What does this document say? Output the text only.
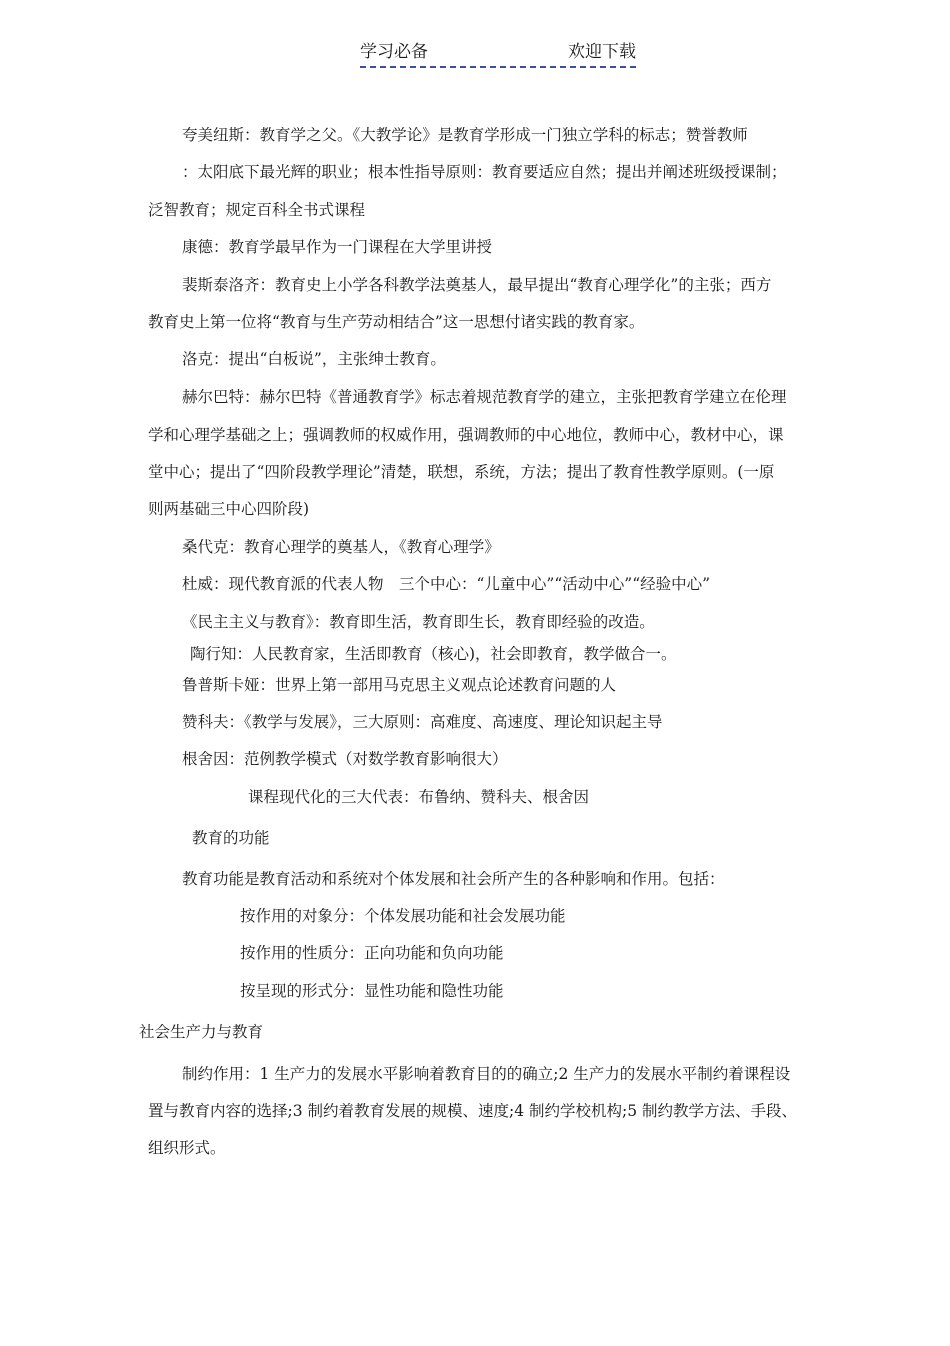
学习必备	欢迎下载
夸美纽斯：教育学之父。《大教学论》是教育学形成一门独立学科的标志；赞誉教师
：太阳底下最光辉的职业；根本性指导原则：教育要适应自然；提出并阐述班级授课制；
泛智教育；规定百科全书式课程
康德：教育学最早作为一门课程在大学里讲授
裴斯泰洛齐：教育史上小学各科教学法奠基人，最早提出“教育心理学化”的主张；西方
教育史上第一位将“教育与生产劳动相结合”这一思想付诸实践的教育家。
洛克：提出“白板说”，主张绅士教育。
赫尔巴特：赫尔巴特《普通教育学》标志着规范教育学的建立，主张把教育学建立在伦理
学和心理学基础之上；强调教师的权威作用，强调教师的中心地位，教师中心，教材中心，课
堂中心；提出了“四阶段教学理论”清楚，联想，系统，方法；提出了教育性教学原则。(一原
则两基础三中心四阶段)
桑代克：教育心理学的奠基人，《教育心理学》
杜威：现代教育派的代表人物　三个中心：“儿童中心”“活动中心”“经验中心”
《民主主义与教育》：教育即生活，教育即生长，教育即经验的改造。
陶行知：人民教育家，生活即教育（核心)，社会即教育，教学做合一。
鲁普斯卡娅：世界上第一部用马克思主义观点论述教育问题的人
赞科夫：《教学与发展》，三大原则：高难度、高速度、理论知识起主导
根舍因：范例教学模式（对数学教育影响很大）
课程现代化的三大代表：布鲁纳、赞科夫、根舍因
教育的功能
教育功能是教育活动和系统对个体发展和社会所产生的各种影响和作用。包括：
按作用的对象分：个体发展功能和社会发展功能
按作用的性质分：正向功能和负向功能
按呈现的形式分：显性功能和隐性功能
社会生产力与教育
制约作用：1 生产力的发展水平影响着教育目的的确立;2 生产力的发展水平制约着课程设
置与教育内容的选择;3 制约着教育发展的规模、速度;4 制约学校机构;5 制约教学方法、手段、
组织形式。
